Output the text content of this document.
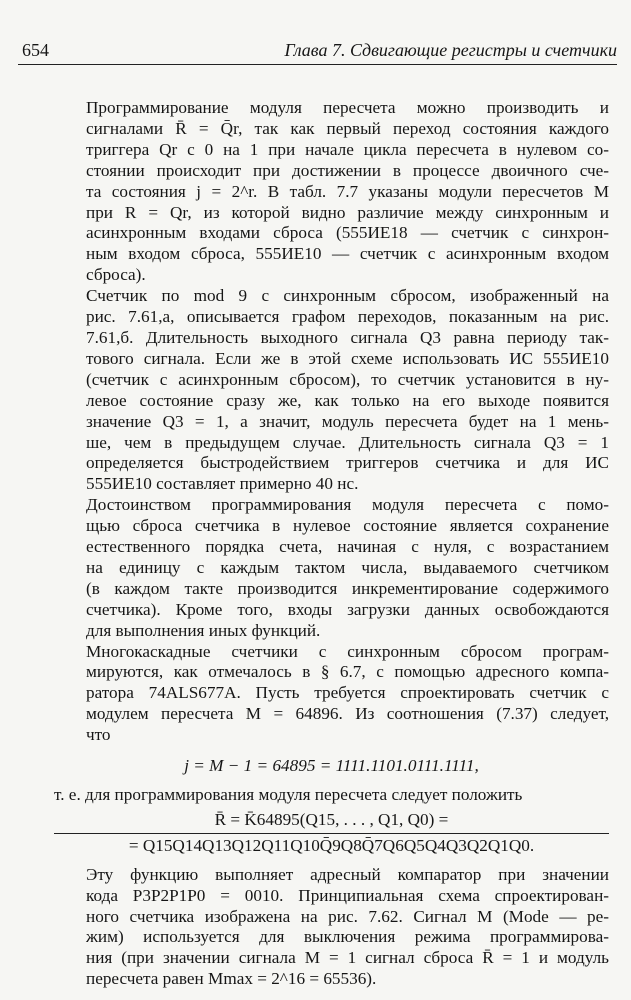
654	Глава 7. Сдвигающие регистры и счетчики

Программирование модуля пересчета можно производить и
сигналами R̄ = Q̄r, так как первый переход состояния каждого
триггера Qr с 0 на 1 при начале цикла пересчета в нулевом со-
стоянии происходит при достижении в процессе двоичного сче-
та состояния j = 2^r. В табл. 7.7 указаны модули пересчетов M
при R = Qr, из которой видно различие между синхронным и
асинхронным входами сброса (555ИЕ18 — счетчик с синхрон-
ным входом сброса, 555ИЕ10 — счетчик с асинхронным входом
сброса).

Счетчик по mod 9 с синхронным сбросом, изображенный на
рис. 7.61,а, описывается графом переходов, показанным на рис.
7.61,б. Длительность выходного сигнала Q3 равна периоду так-
тового сигнала. Если же в этой схеме использовать ИС 555ИЕ10
(счетчик с асинхронным сбросом), то счетчик установится в ну-
левое состояние сразу же, как только на его выходе появится
значение Q3 = 1, а значит, модуль пересчета будет на 1 мень-
ше, чем в предыдущем случае. Длительность сигнала Q3 = 1
определяется быстродействием триггеров счетчика и для ИС
555ИЕ10 составляет примерно 40 нс.

Достоинством программирования модуля пересчета с помо-
щью сброса счетчика в нулевое состояние является сохранение
естественного порядка счета, начиная с нуля, с возрастанием
на единицу с каждым тактом числа, выдаваемого счетчиком
(в каждом такте производится инкрементирование содержимого
счетчика). Кроме того, входы загрузки данных освобождаются
для выполнения иных функций.

Многокаскадные счетчики с синхронным сбросом програм-
мируются, как отмечалось в § 6.7, с помощью адресного компа-
ратора 74ALS677A. Пусть требуется спроектировать счетчик с
модулем пересчета M = 64896. Из соотношения (7.37) следует,
что

j = M − 1 = 64895 = 1111.1101.0111.1111,

т. е. для программирования модуля пересчета следует положить

R̄ = K̄64895(Q15, . . . , Q1, Q0) =
= Q15Q14Q13Q12Q11Q10Q̄9Q8Q̄7Q6Q5Q4Q3Q2Q1Q0.

Эту функцию выполняет адресный компаратор при значении
кода P3P2P1P0 = 0010. Принципиальная схема спроектирован-
ного счетчика изображена на рис. 7.62. Сигнал M (Mode — ре-
жим) используется для выключения режима программирова-
ния (при значении сигнала M = 1 сигнал сброса R̄ = 1 и модуль
пересчета равен Mmax = 2^16 = 65536).
